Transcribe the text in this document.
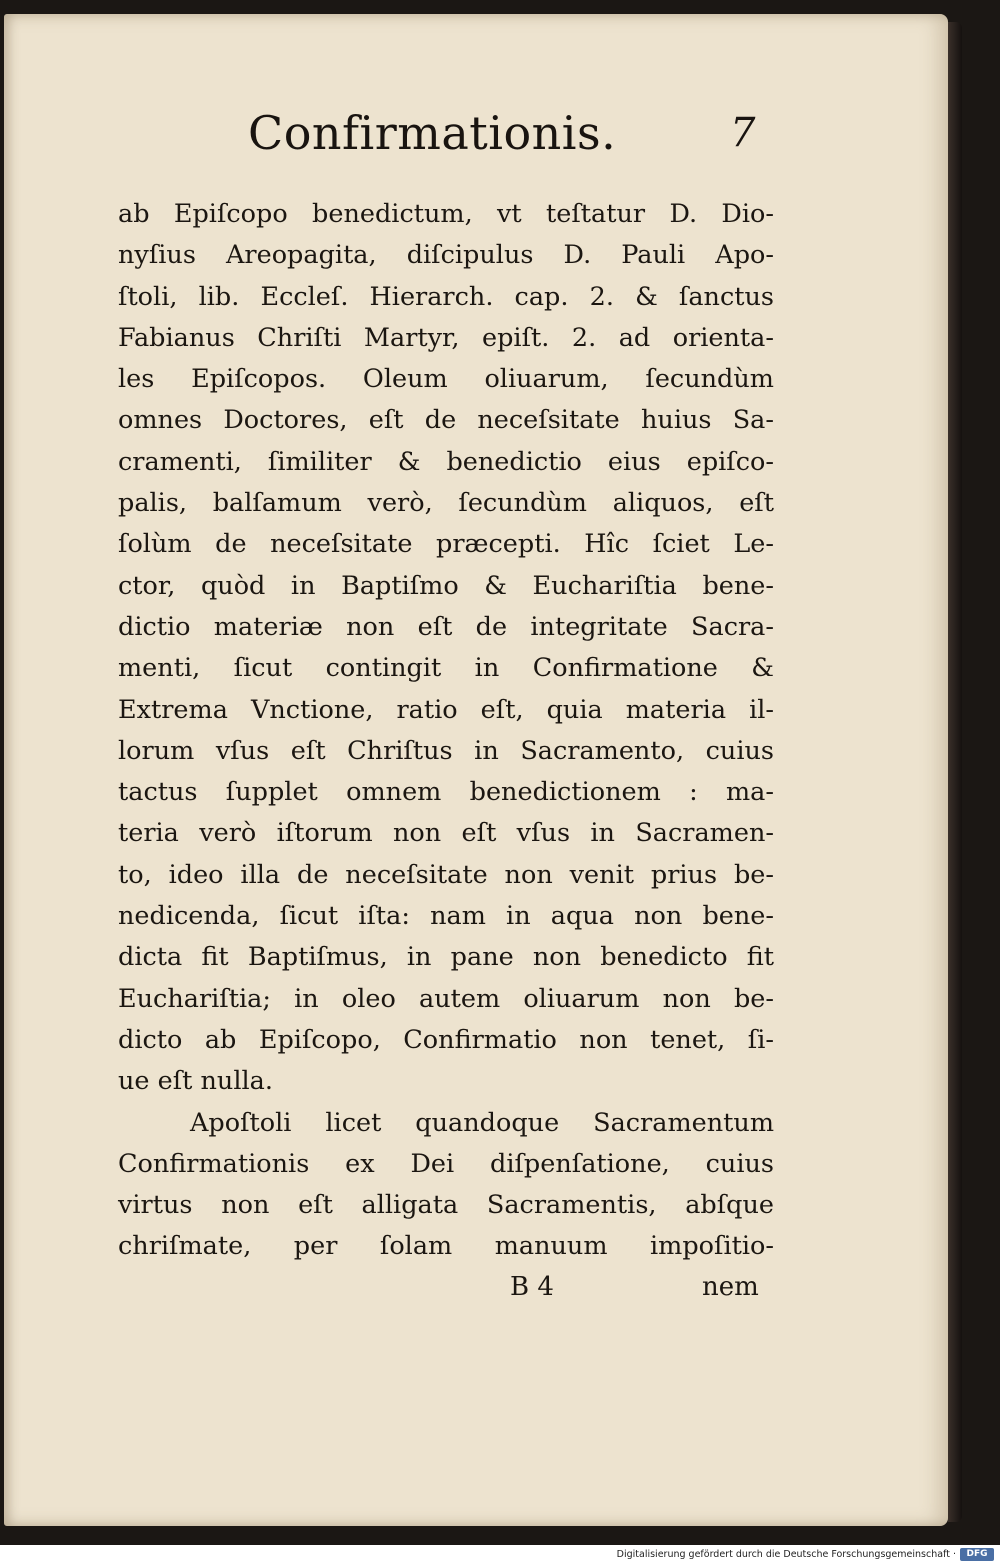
Confirmationis.	7
ab Epiſcopo benedictum, vt teſtatur D. Dio-
nyſius Areopagita, diſcipulus D. Pauli Apo-
ſtoli, lib. Eccleſ. Hierarch. cap. 2. & ſanctus
Fabianus Chriſti Martyr, epiſt. 2. ad orienta-
les Epiſcopos. Oleum oliuarum, ſecundùm
omnes Doctores, eſt de neceſsitate huius Sa-
cramenti, ſimiliter & benedictio eius epiſco-
palis, balſamum verò, ſecundùm aliquos, eſt
ſolùm de neceſsitate præcepti. Hîc ſciet Le-
ctor, quòd in Baptiſmo & Euchariſtia bene-
dictio materiæ non eſt de integritate Sacra-
menti, ſicut contingit in Confirmatione &
Extrema Vnctione, ratio eſt, quia materia il-
lorum vſus eſt Chriſtus in Sacramento, cuius
tactus ſupplet omnem benedictionem : ma-
teria verò iſtorum non eſt vſus in Sacramen-
to, ideo illa de neceſsitate non venit prius be-
nedicenda, ſicut iſta: nam in aqua non bene-
dicta fit Baptiſmus, in pane non benedicto fit
Euchariſtia; in oleo autem oliuarum non be-
dicto ab Epiſcopo, Confirmatio non tenet, ſi-
ue eſt nulla.
Apoſtoli licet quandoque Sacramentum
Confirmationis ex Dei diſpenſatione, cuius
virtus non eſt alligata Sacramentis, abſque
chriſmate, per ſolam manuum impoſitio-
B 4	nem
Digitalisierung gefördert durch die Deutsche Forschungsgemeinschaft ·	DFG
